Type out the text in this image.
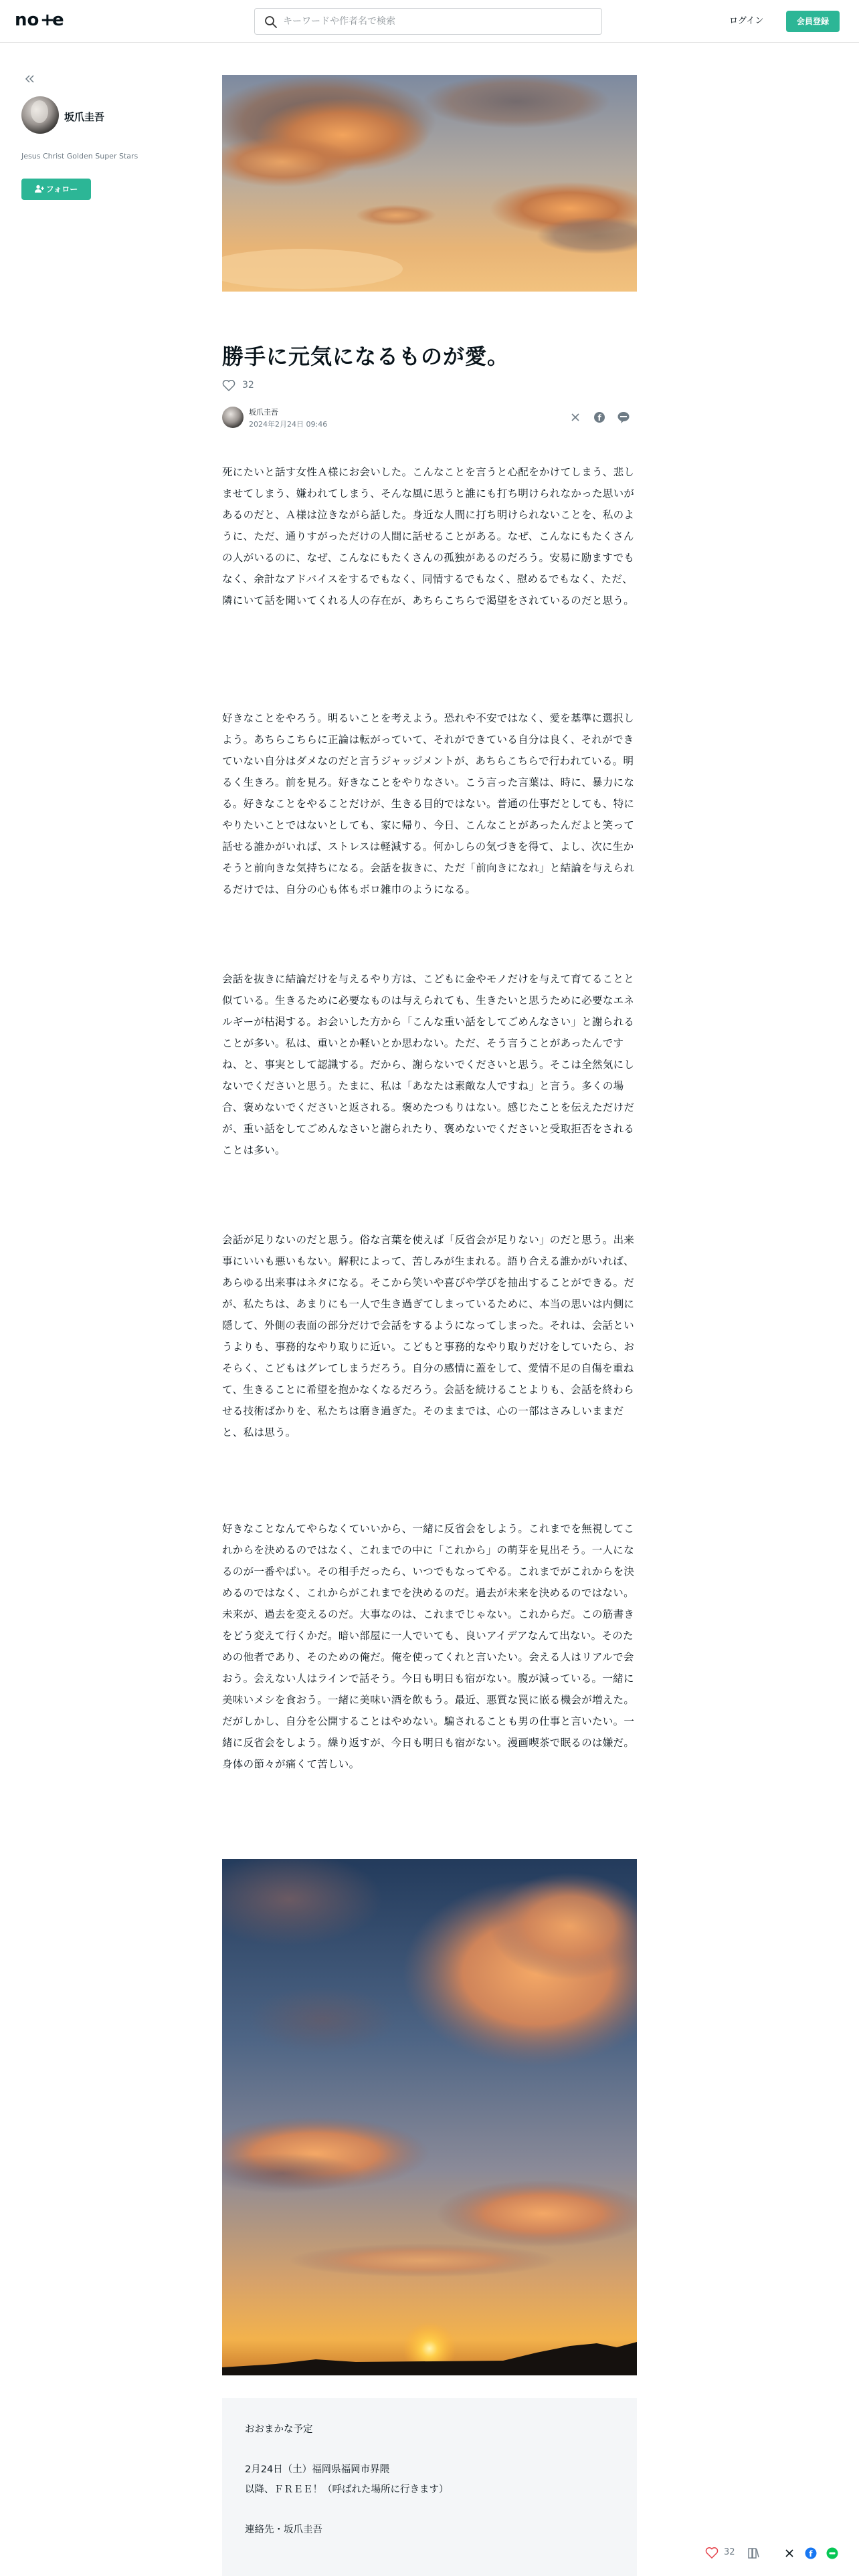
no +
e
キーワードや作者名で検索	ログイン	会員登録
坂爪圭吾
Jesus Christ Golden Super Stars
フォロー
勝手に元気になるものが愛。
32
坂爪圭吾
2024年2月24日 09:46
f

死にたいと話す女性Ａ様にお会いした。こんなことを言うと心配をかけてしまう、悲しませてしまう、嫌われてしまう、そんな風に思うと誰にも打ち明けられなかった思いがあるのだと、Ａ様は泣きながら話した。身近な人間に打ち明けられないことを、私のように、ただ、通りすがっただけの人間に話せることがある。なぜ、こんなにもたくさんの人がいるのに、なぜ、こんなにもたくさんの孤独があるのだろう。安易に励ますでもなく、余計なアドバイスをするでもなく、同情するでもなく、慰めるでもなく、ただ、隣にいて話を聞いてくれる人の存在が、あちらこちらで渇望をされているのだと思う。

好きなことをやろう。明るいことを考えよう。恐れや不安ではなく、愛を基準に選択しよう。あちらこちらに正論は転がっていて、それができている自分は良く、それができていない自分はダメなのだと言うジャッジメントが、あちらこちらで行われている。明るく生きろ。前を見ろ。好きなことをやりなさい。こう言った言葉は、時に、暴力になる。好きなことをやることだけが、生きる目的ではない。普通の仕事だとしても、特にやりたいことではないとしても、家に帰り、今日、こんなことがあったんだよと笑って話せる誰かがいれば、ストレスは軽減する。何かしらの気づきを得て、よし、次に生かそうと前向きな気持ちになる。会話を抜きに、ただ「前向きになれ」と結論を与えられるだけでは、自分の心も体もボロ雑巾のようになる。

会話を抜きに結論だけを与えるやり方は、こどもに金やモノだけを与えて育てることと似ている。生きるために必要なものは与えられても、生きたいと思うために必要なエネルギーが枯渇する。お会いした方から「こんな重い話をしてごめんなさい」と謝られることが多い。私は、重いとか軽いとか思わない。ただ、そう言うことがあったんですね、と、事実として認識する。だから、謝らないでくださいと思う。そこは全然気にしないでくださいと思う。たまに、私は「あなたは素敵な人ですね」と言う。多くの場合、褒めないでくださいと返される。褒めたつもりはない。感じたことを伝えただけだが、重い話をしてごめんなさいと謝られたり、褒めないでくださいと受取拒否をされることは多い。

会話が足りないのだと思う。俗な言葉を使えば「反省会が足りない」のだと思う。出来事にいいも悪いもない。解釈によって、苦しみが生まれる。語り合える誰かがいれば、あらゆる出来事はネタになる。そこから笑いや喜びや学びを抽出することができる。だが、私たちは、あまりにも一人で生き過ぎてしまっているために、本当の思いは内側に隠して、外側の表面の部分だけで会話をするようになってしまった。それは、会話というよりも、事務的なやり取りに近い。こどもと事務的なやり取りだけをしていたら、おそらく、こどもはグレてしまうだろう。自分の感情に蓋をして、愛情不足の自傷を重ねて、生きることに希望を抱かなくなるだろう。会話を続けることよりも、会話を終わらせる技術ばかりを、私たちは磨き過ぎた。そのままでは、心の一部はさみしいままだと、私は思う。

好きなことなんてやらなくていいから、一緒に反省会をしよう。これまでを無視してこれからを決めるのではなく、これまでの中に「これから」の萌芽を見出そう。一人になるのが一番やばい。その相手だったら、いつでもなってやる。これまでがこれからを決めるのではなく、これからがこれまでを決めるのだ。過去が未来を決めるのではない。未来が、過去を変えるのだ。大事なのは、これまでじゃない。これからだ。この筋書きをどう変えて行くかだ。暗い部屋に一人でいても、良いアイデアなんて出ない。そのための他者であり、そのための俺だ。俺を使ってくれと言いたい。会える人はリアルで会おう。会えない人はラインで話そう。今日も明日も宿がない。腹が減っている。一緒に美味いメシを食おう。一緒に美味い酒を飲もう。最近、悪質な罠に嵌る機会が増えた。だがしかし、自分を公開することはやめない。騙されることも男の仕事と言いたい。一緒に反省会をしよう。繰り返すが、今日も明日も宿がない。漫画喫茶で眠るのは嫌だ。身体の節々が痛くて苦しい。

おおまかな予定
2月24日（土）福岡県福岡市界隈
以降、ＦＲＥＥ！（呼ばれた場所に行きます）
連絡先・坂爪圭吾
32	f
